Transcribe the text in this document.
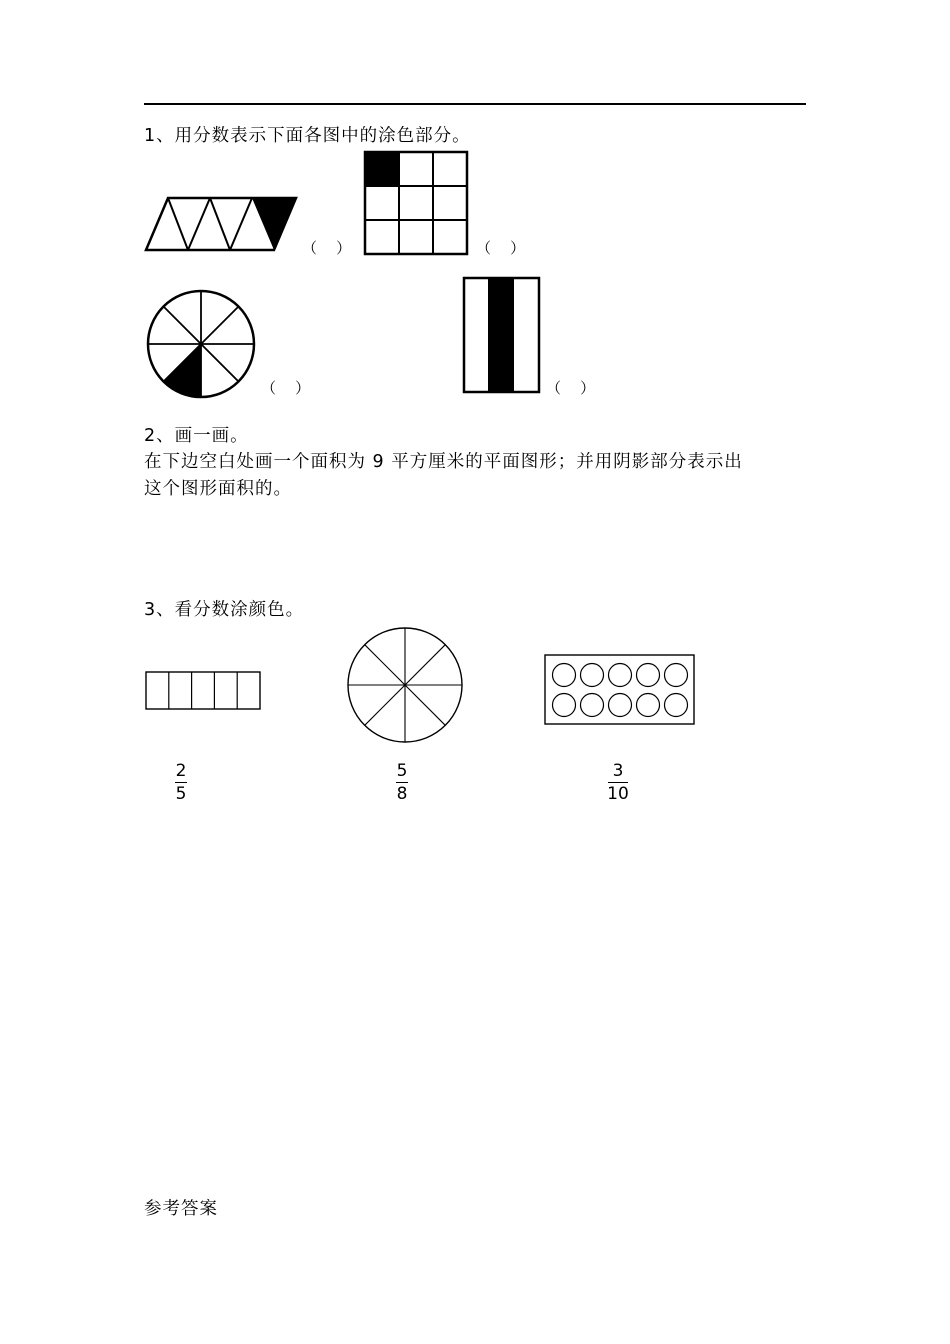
1、用分数表示下面各图中的涂色部分。
（    ）	（    ）
（    ）	（    ）
2、画一画。
在下边空白处画一个面积为 9 平方厘米的平面图形；并用阴影部分表示出
这个图形面积的。
3、看分数涂颜色。
2
5
5
8
3
10
参考答案
